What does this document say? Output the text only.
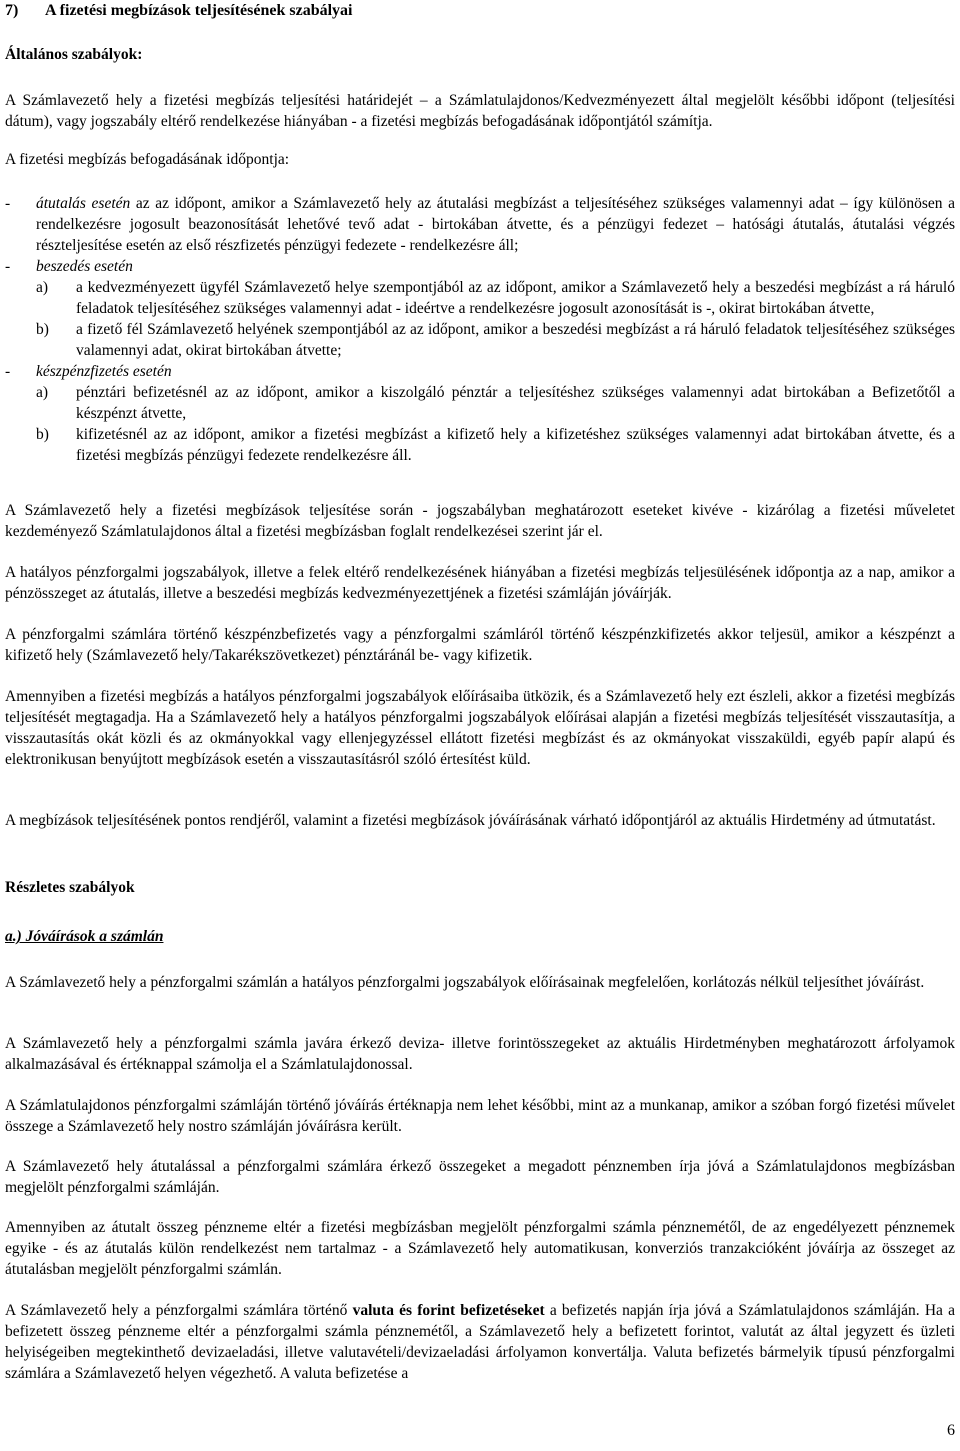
7) A fizetési megbízások teljesítésének szabályai

Általános szabályok:

A Számlavezető hely a fizetési megbízás teljesítési határidejét – a Számlatulajdonos/Kedvezményezett által megjelölt későbbi időpont (teljesítési dátum), vagy jogszabály eltérő rendelkezése hiányában - a fizetési megbízás befogadásának időpontjától számítja.

A fizetési megbízás befogadásának időpontja:

-	átutalás esetén az az időpont, amikor a Számlavezető hely az átutalási megbízást a teljesítéséhez szükséges valamennyi adat – így különösen a rendelkezésre jogosult beazonosítását lehetővé tevő adat - birtokában átvette, és a pénzügyi fedezet – hatósági átutalás, átutalási végzés részteljesítése esetén az első részfizetés pénzügyi fedezete - rendelkezésre áll;
-	beszedés esetén
a)	a kedvezményezett ügyfél Számlavezető helye szempontjából az az időpont, amikor a Számlavezető hely a beszedési megbízást a rá háruló feladatok teljesítéséhez szükséges valamennyi adat - ideértve a rendelkezésre jogosult azonosítását is -, okirat birtokában átvette,
b)	a fizető fél Számlavezető helyének szempontjából az az időpont, amikor a beszedési megbízást a rá háruló feladatok teljesítéséhez szükséges valamennyi adat, okirat birtokában átvette;
-	készpénzfizetés esetén
a)	pénztári befizetésnél az az időpont, amikor a kiszolgáló pénztár a teljesítéshez szükséges valamennyi adat birtokában a Befizetőtől a készpénzt átvette,
b)	kifizetésnél az az időpont, amikor a fizetési megbízást a kifizető hely a kifizetéshez szükséges valamennyi adat birtokában átvette, és a fizetési megbízás pénzügyi fedezete rendelkezésre áll.

A Számlavezető hely a fizetési megbízások teljesítése során - jogszabályban meghatározott eseteket kivéve - kizárólag a fizetési műveletet kezdeményező Számlatulajdonos által a fizetési megbízásban foglalt rendelkezései szerint jár el.

A hatályos pénzforgalmi jogszabályok, illetve a felek eltérő rendelkezésének hiányában a fizetési megbízás teljesülésének időpontja az a nap, amikor a pénzösszeget az átutalás, illetve a beszedési megbízás kedvezményezettjének a fizetési számláján jóváírják.

A pénzforgalmi számlára történő készpénzbefizetés vagy a pénzforgalmi számláról történő készpénzkifizetés akkor teljesül, amikor a készpénzt a kifizető hely (Számlavezető hely/Takarékszövetkezet) pénztáránál be- vagy kifizetik.

Amennyiben a fizetési megbízás a hatályos pénzforgalmi jogszabályok előírásaiba ütközik, és a Számlavezető hely ezt észleli, akkor a fizetési megbízás teljesítését megtagadja. Ha a Számlavezető hely a hatályos pénzforgalmi jogszabályok előírásai alapján a fizetési megbízás teljesítését visszautasítja, a visszautasítás okát közli és az okmányokkal vagy ellenjegyzéssel ellátott fizetési megbízást és az okmányokat visszaküldi, egyéb papír alapú és elektronikusan benyújtott megbízások esetén a visszautasításról szóló értesítést küld.

A megbízások teljesítésének pontos rendjéről, valamint a fizetési megbízások jóváírásának várható időpontjáról az aktuális Hirdetmény ad útmutatást.

Részletes szabályok

a.) Jóváírások a számlán

A Számlavezető hely a pénzforgalmi számlán a hatályos pénzforgalmi jogszabályok előírásainak megfelelően, korlátozás nélkül teljesíthet jóváírást.

A Számlavezető hely a pénzforgalmi számla javára érkező deviza- illetve forintösszegeket az aktuális Hirdetményben meghatározott árfolyamok alkalmazásával és értéknappal számolja el a Számlatulajdonossal.

A Számlatulajdonos pénzforgalmi számláján történő jóváírás értéknapja nem lehet későbbi, mint az a munkanap, amikor a szóban forgó fizetési művelet összege a Számlavezető hely nostro számláján jóváírásra került.

A Számlavezető hely átutalással a pénzforgalmi számlára érkező összegeket a megadott pénznemben írja jóvá a Számlatulajdonos megbízásban megjelölt pénzforgalmi számláján.

Amennyiben az átutalt összeg pénzneme eltér a fizetési megbízásban megjelölt pénzforgalmi számla pénznemétől, de az engedélyezett pénznemek egyike - és az átutalás külön rendelkezést nem tartalmaz - a Számlavezető hely automatikusan, konverziós tranzakcióként jóváírja az összeget az átutalásban megjelölt pénzforgalmi számlán.

A Számlavezető hely a pénzforgalmi számlára történő valuta és forint befizetéseket a befizetés napján írja jóvá a Számlatulajdonos számláján. Ha a befizetett összeg pénzneme eltér a pénzforgalmi számla pénznemétől, a Számlavezető hely a befizetett forintot, valutát az által jegyzett és üzleti helyiségeiben megtekinthető devizaeladási, illetve valutavételi/devizaeladási árfolyamon konvertálja. Valuta befizetés bármelyik típusú pénzforgalmi számlára a Számlavezető helyen végezhető. A valuta befizetése a

6
